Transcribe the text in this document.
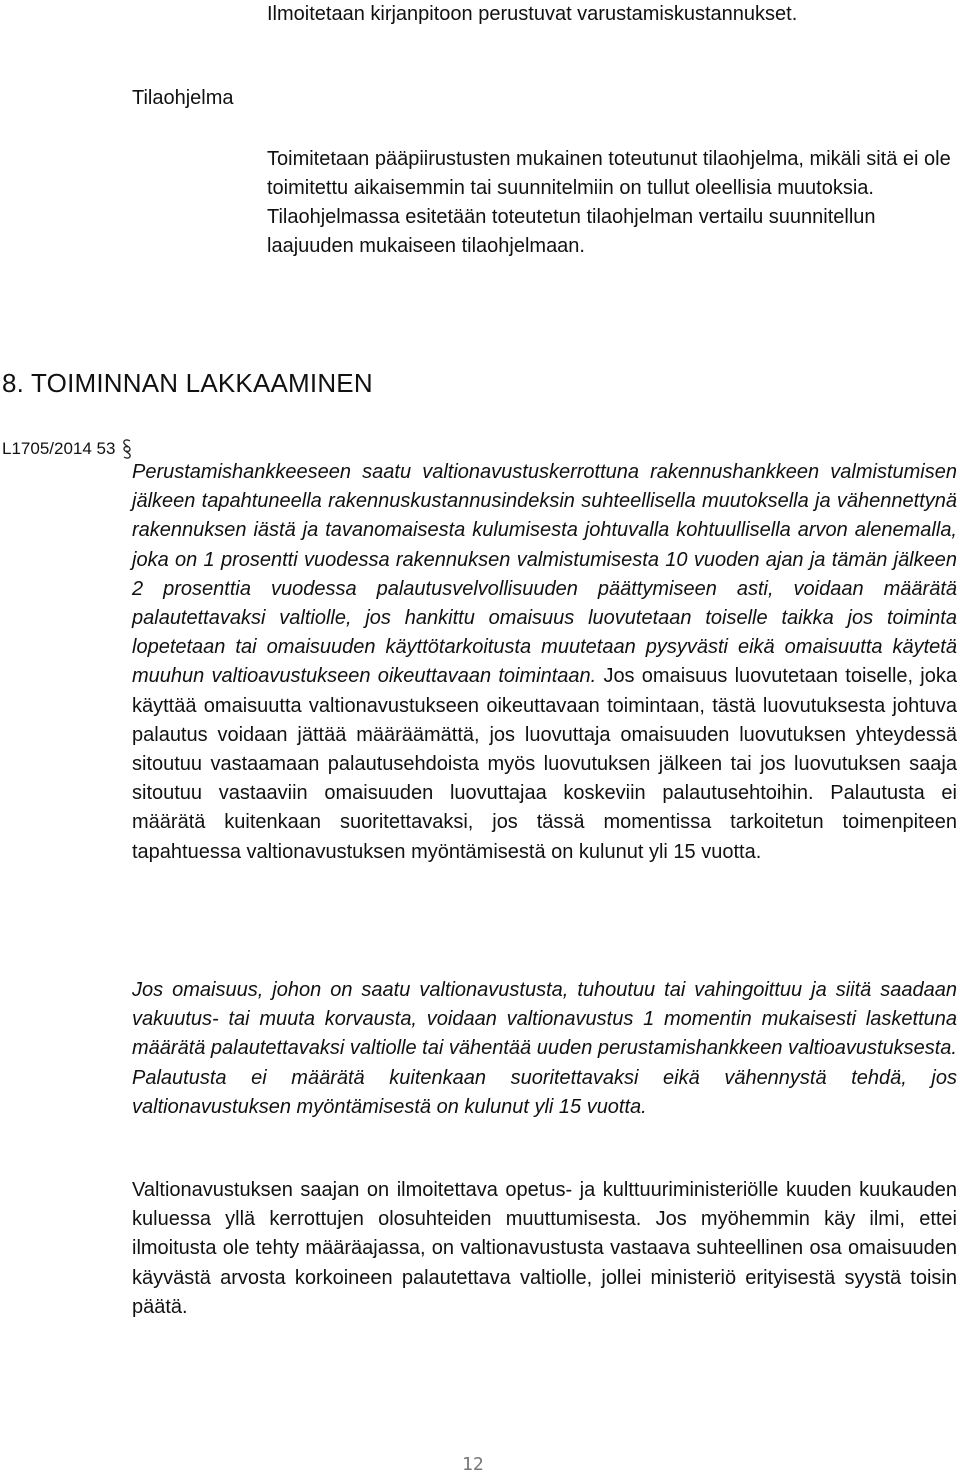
Ilmoitetaan kirjanpitoon perustuvat varustamiskustannukset.
Tilaohjelma
Toimitetaan pääpiirustusten mukainen toteutunut tilaohjelma, mikäli sitä ei ole toimitettu aikaisemmin tai suunnitelmiin on tullut oleellisia muutoksia. Tilaohjelmassa esitetään toteutetun tilaohjelman vertailu suunnitellun laajuuden mukaiseen tilaohjelmaan.
8. TOIMINNAN LAKKAAMINEN
L1705/2014 53
Perustamishankkeeseen saatu valtionavustuskerrottuna rakennushankkeen valmistumisen jälkeen tapahtuneella rakennuskustannusindeksin suhteellisella muutoksella ja vähennettynä rakennuksen iästä ja tavanomaisesta kulumisesta johtuvalla kohtuullisella arvon alenemalla, joka on 1 prosentti vuodessa rakennuksen valmistumisesta 10 vuoden ajan ja tämän jälkeen 2 prosenttia vuodessa palautusvelvollisuuden päättymiseen asti, voidaan määrätä palautettavaksi valtiolle, jos hankittu omaisuus luovutetaan toiselle taikka jos toiminta lopetetaan tai omaisuuden käyttötarkoitusta muutetaan pysyvästi eikä omaisuutta käytetä muuhun valtioavustukseen oikeuttavaan toimintaan. Jos omaisuus luovutetaan toiselle, joka käyttää omaisuutta valtionavustukseen oikeuttavaan toimintaan, tästä luovutuksesta johtuva palautus voidaan jättää määräämättä, jos luovuttaja omaisuuden luovutuksen yhteydessä sitoutuu vastaamaan palautusehdoista myös luovutuksen jälkeen tai jos luovutuksen saaja sitoutuu vastaaviin omaisuuden luovuttajaa koskeviin palautusehtoihin. Palautusta ei määrätä kuitenkaan suoritettavaksi, jos tässä momentissa tarkoitetun toimenpiteen tapahtuessa valtionavustuksen myöntämisestä on kulunut yli 15 vuotta.
Jos omaisuus, johon on saatu valtionavustusta, tuhoutuu tai vahingoittuu ja siitä saadaan vakuutus- tai muuta korvausta, voidaan valtionavustus 1 momentin mukaisesti laskettuna määrätä palautettavaksi valtiolle tai vähentää uuden perustamishankkeen valtioavustuksesta. Palautusta ei määrätä kuitenkaan suoritettavaksi eikä vähennystä tehdä, jos valtionavustuksen myöntämisestä on kulunut yli 15 vuotta.
Valtionavustuksen saajan on ilmoitettava opetus- ja kulttuuriministeriölle kuuden kuukauden kuluessa yllä kerrottujen olosuhteiden muuttumisesta. Jos myöhemmin käy ilmi, ettei ilmoitusta ole tehty määräajassa, on valtionavustusta vastaava suhteellinen osa omaisuuden käyvästä arvosta korkoineen palautettava valtiolle, jollei ministeriö erityisestä syystä toisin päätä.
12
